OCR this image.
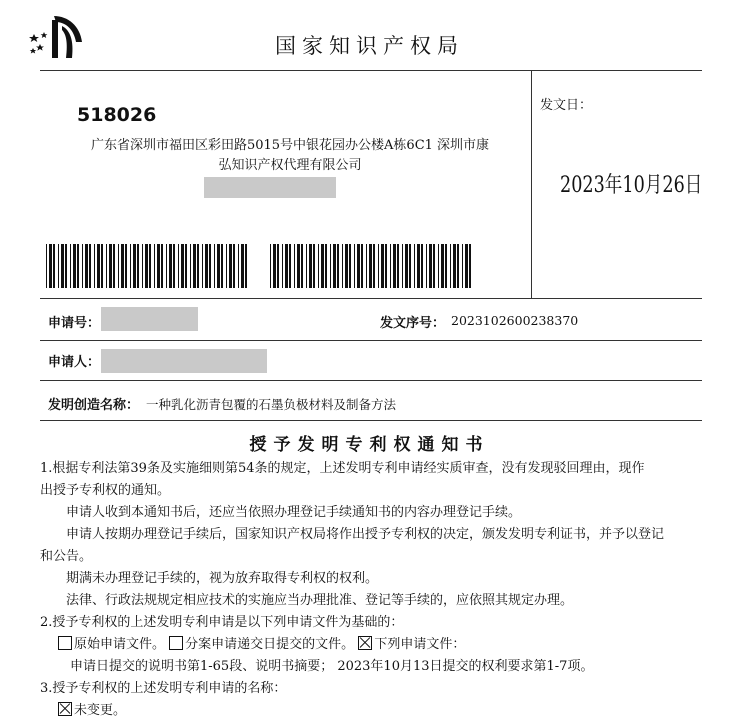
国家知识产权局
518026
广东省深圳市福田区彩田路5015号中银花园办公楼A栋6C1 深圳市康
弘知识产权代理有限公司
发文日：
2023年10月26日
申请号：	发文序号： 2023102600238370
申请人：
发明创造名称： 一种乳化沥青包覆的石墨负极材料及制备方法
授予发明专利权通知书

1.根据专利法第39条及实施细则第54条的规定，上述发明专利申请经实质审查，没有发现驳回理由，现作

出授予专利权的通知。

申请人收到本通知书后，还应当依照办理登记手续通知书的内容办理登记手续。

申请人按期办理登记手续后，国家知识产权局将作出授予专利权的决定，颁发发明专利证书，并予以登记

和公告。

期满未办理登记手续的，视为放弃取得专利权的权利。

法律、行政法规规定相应技术的实施应当办理批准、登记等手续的，应依照其规定办理。

2.授予专利权的上述发明专利申请是以下列申请文件为基础的：

原始申请文件。 分案申请递交日提交的文件。 下列申请文件：

申请日提交的说明书第1-65段、说明书摘要； 2023年10月13日提交的权利要求第1-7项。

3.授予专利权的上述发明专利申请的名称：

未变更。
